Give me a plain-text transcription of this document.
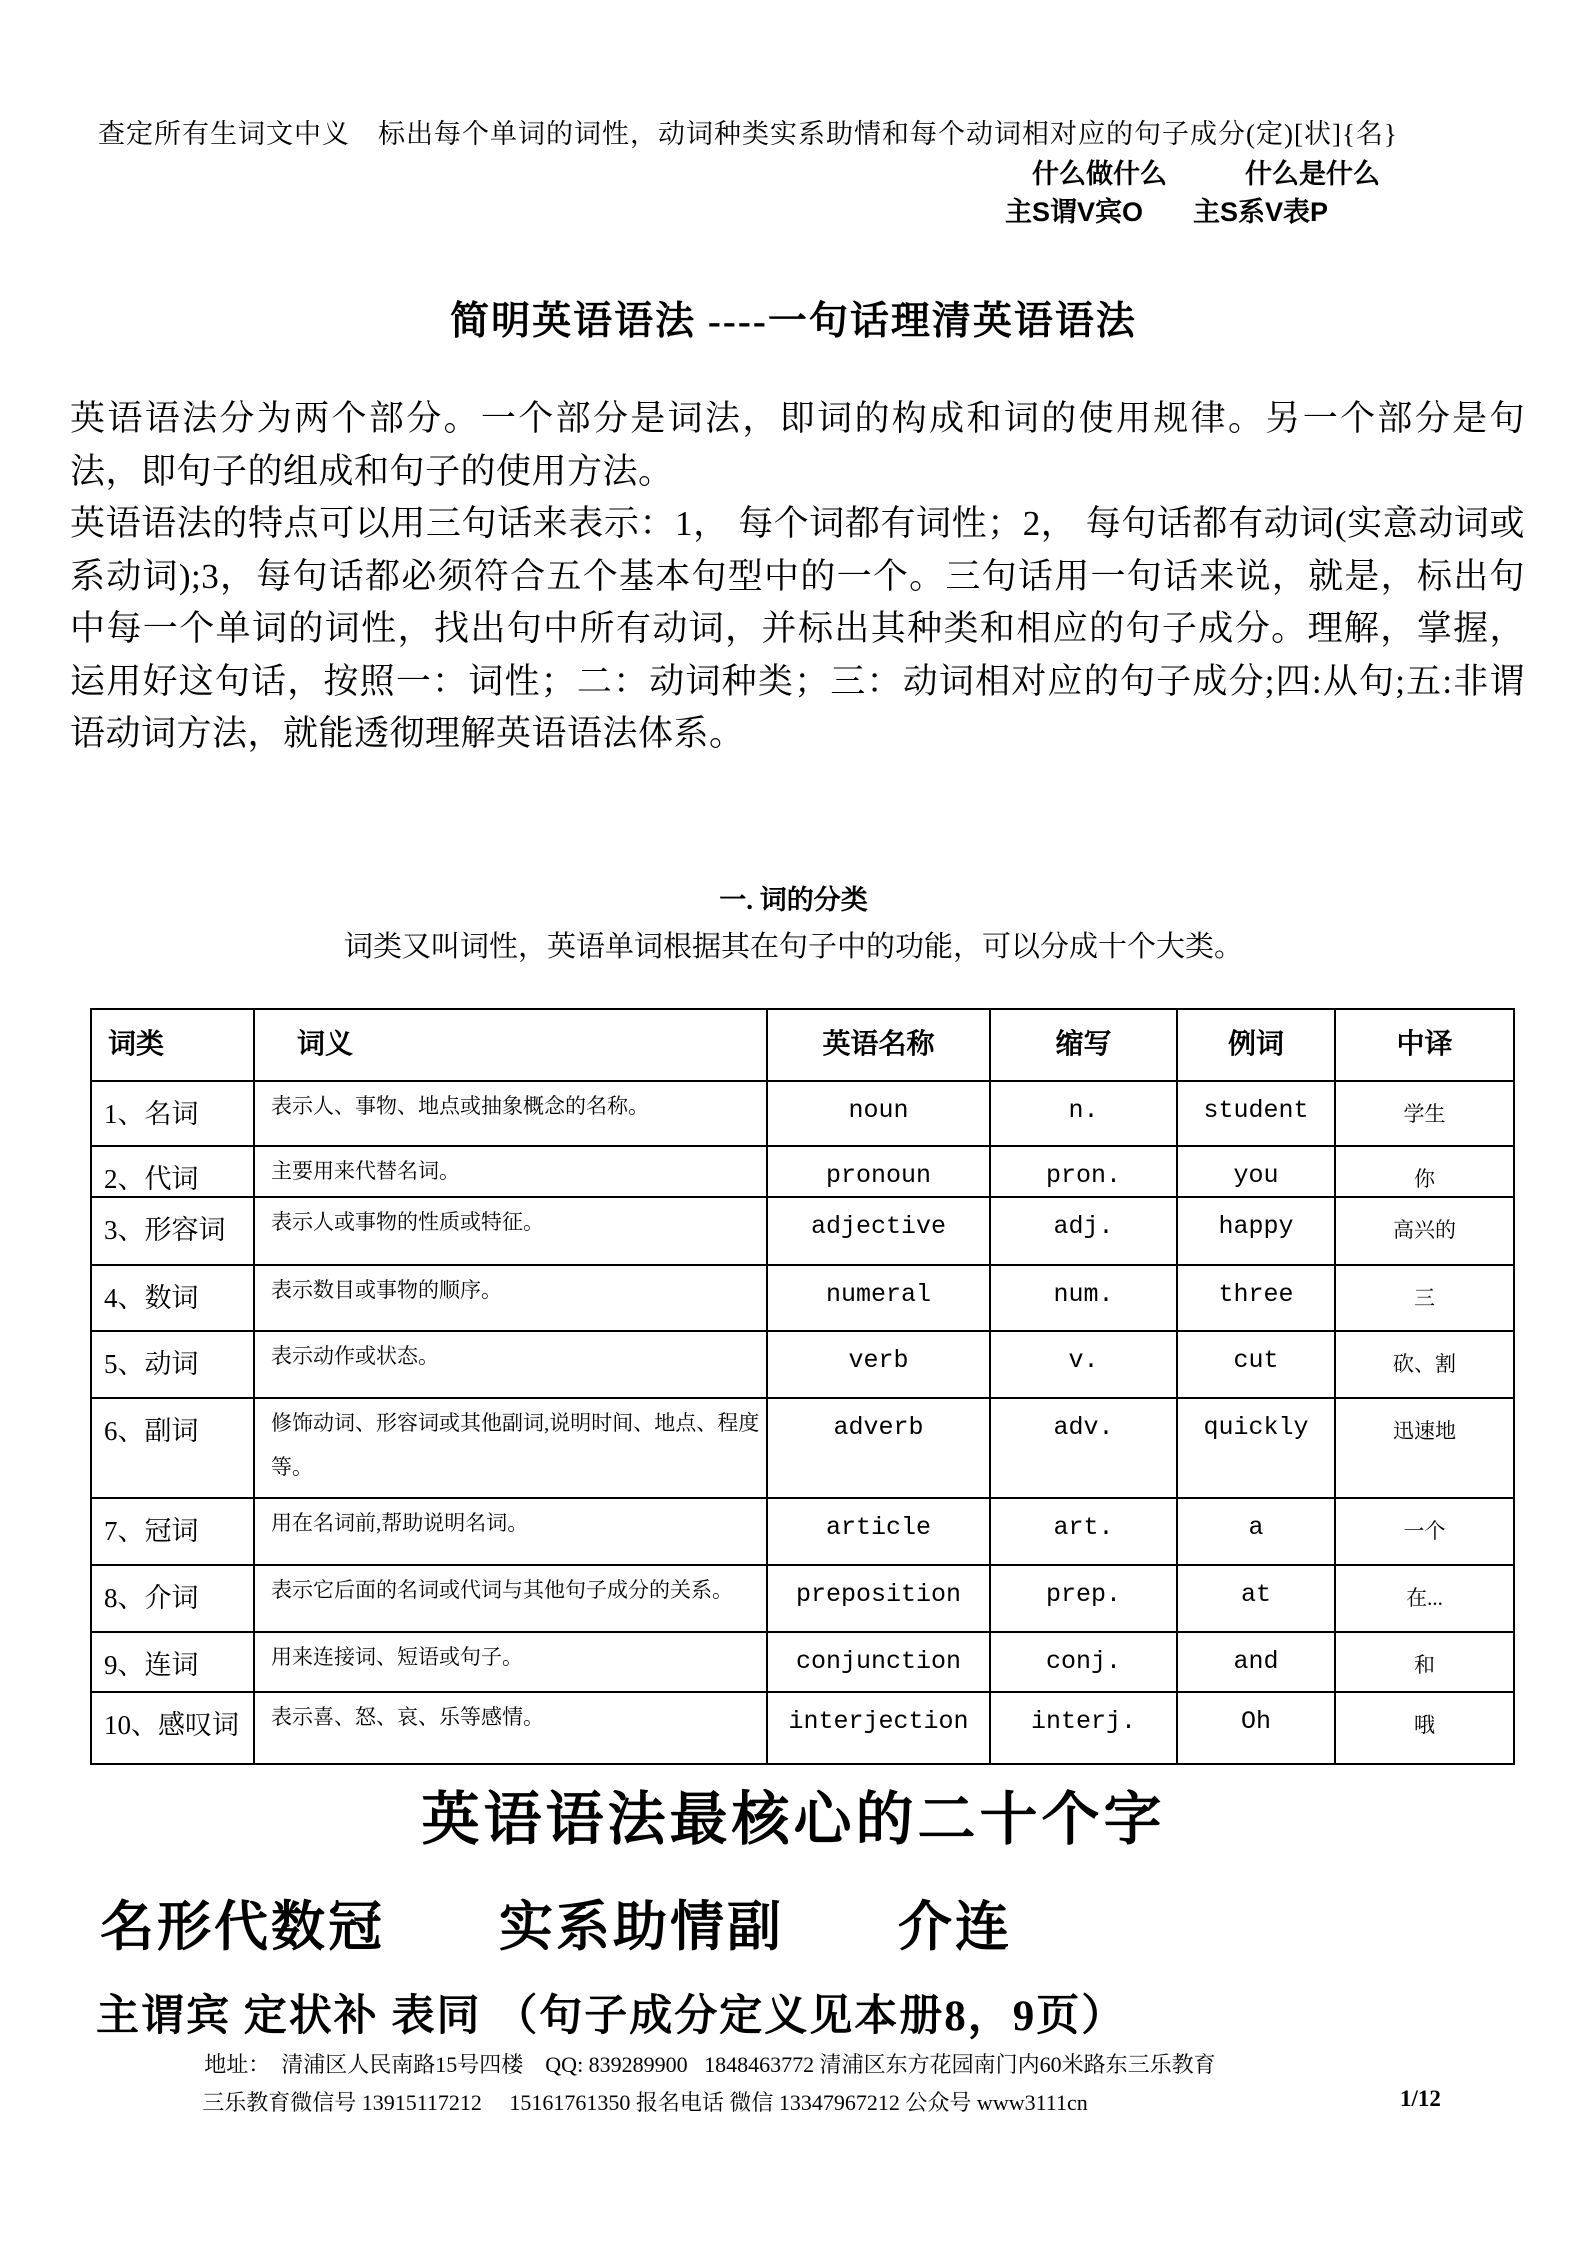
查定所有生词文中义　标出每个单词的词性，动词种类实系助情和每个动词相对应的句子成分(定)[状]{名}
什么做什么	什么是什么
主S谓V宾O 主S系V表P
简明英语语法 ----一句话理清英语语法

英语语法分为两个部分。一个部分是词法，即词的构成和词的使用规律。另一个部分是句法，即句子的组成和句子的使用方法。

英语语法的特点可以用三句话来表示：1， 每个词都有词性；2， 每句话都有动词(实意动词或系动词);3，每句话都必须符合五个基本句型中的一个。三句话用一句话来说，就是，标出句中每一个单词的词性，找出句中所有动词，并标出其种类和相应的句子成分。理解，掌握，运用好这句话，按照一：词性；二：动词种类；三：动词相对应的句子成分;四:从句;五:非谓语动词方法，就能透彻理解英语语法体系。

一. 词的分类
词类又叫词性，英语单词根据其在句子中的功能，可以分成十个大类。
词类	词义	英语名称	缩写	例词	中译
1、名词	表示人、事物、地点或抽象概念的名称。	noun	n.	student	学生
2、代词	主要用来代替名词。	pronoun	pron.	you	你
3、形容词	表示人或事物的性质或特征。	adjective	adj.	happy	高兴的
4、数词	表示数目或事物的顺序。	numeral	num.	three	三
5、动词	表示动作或状态。	verb	v.	cut	砍、割
6、副词	修饰动词、形容词或其他副词,说明时间、地点、程度等。	adverb	adv.	quickly	迅速地
7、冠词	用在名词前,帮助说明名词。	article	art.	a	一个
8、介词	表示它后面的名词或代词与其他句子成分的关系。	preposition	prep.	at	在...
9、连词	用来连接词、短语或句子。	conjunction	conj.	and	和
10、感叹词	表示喜、怒、哀、乐等感情。	interjection	interj.	Oh	哦
英语语法最核心的二十个字
名形代数冠　　实系助情副　　介连
主谓宾 定状补 表同 （句子成分定义见本册8，9页）
地址：  清浦区人民南路15号四楼    QQ: 839289900   1848463772 清浦区东方花园南门内60米路东三乐教育
三乐教育微信号 13915117212     15161761350 报名电话 微信 13347967212 公众号 www3111cn	1/12
